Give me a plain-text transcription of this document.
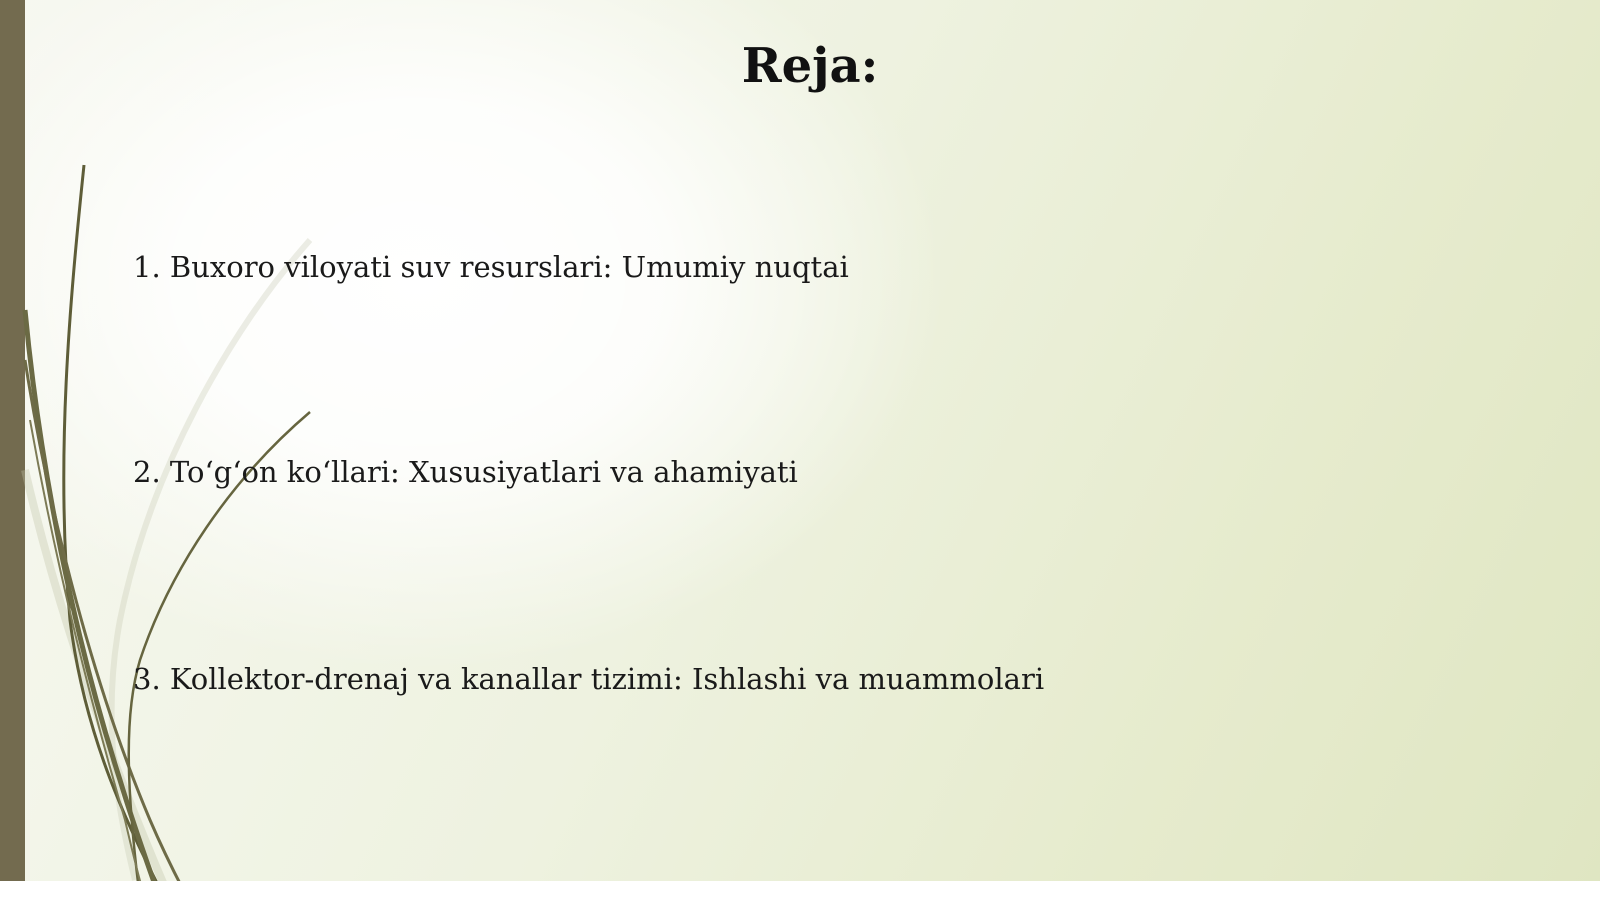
Reja:
1. Buxoro viloyati suv resurslari: Umumiy nuqtai
2. To‘g‘on ko‘llari: Xususiyatlari va ahamiyati
3. Kollektor-drenaj va kanallar tizimi: Ishlashi va muammolari
